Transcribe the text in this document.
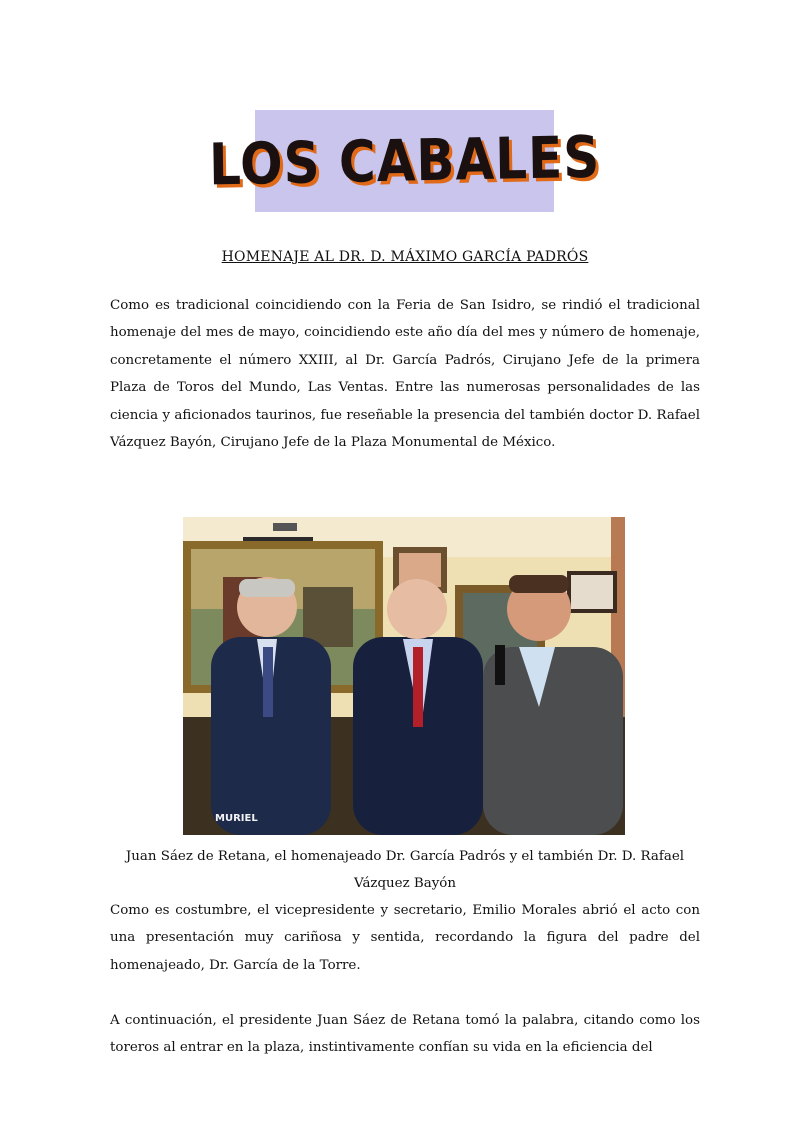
LOS CABALES
HOMENAJE AL DR. D. MÁXIMO GARCÍA PADRÓS

Como es tradicional coincidiendo con la Feria de San Isidro, se rindió el tradicional homenaje del mes de mayo, coincidiendo este año día del mes y número de homenaje, concretamente el número XXIII, al Dr. García Padrós, Cirujano Jefe de la primera Plaza de Toros del Mundo, Las Ventas. Entre las numerosas personalidades de las ciencia y aficionados taurinos, fue reseñable la presencia del también doctor D. Rafael Vázquez Bayón, Cirujano Jefe de la Plaza Monumental de México.

MURIEL

Juan Sáez de Retana, el homenajeado Dr. García Padrós y el también Dr. D. Rafael Vázquez Bayón

Como es costumbre, el vicepresidente y secretario, Emilio Morales abrió el acto con una presentación muy cariñosa y sentida, recordando la figura del padre del homenajeado, Dr. García de la Torre.

A continuación, el presidente Juan Sáez de Retana tomó la palabra, citando como los toreros al entrar en la plaza, instintivamente confían su vida en la eficiencia del
